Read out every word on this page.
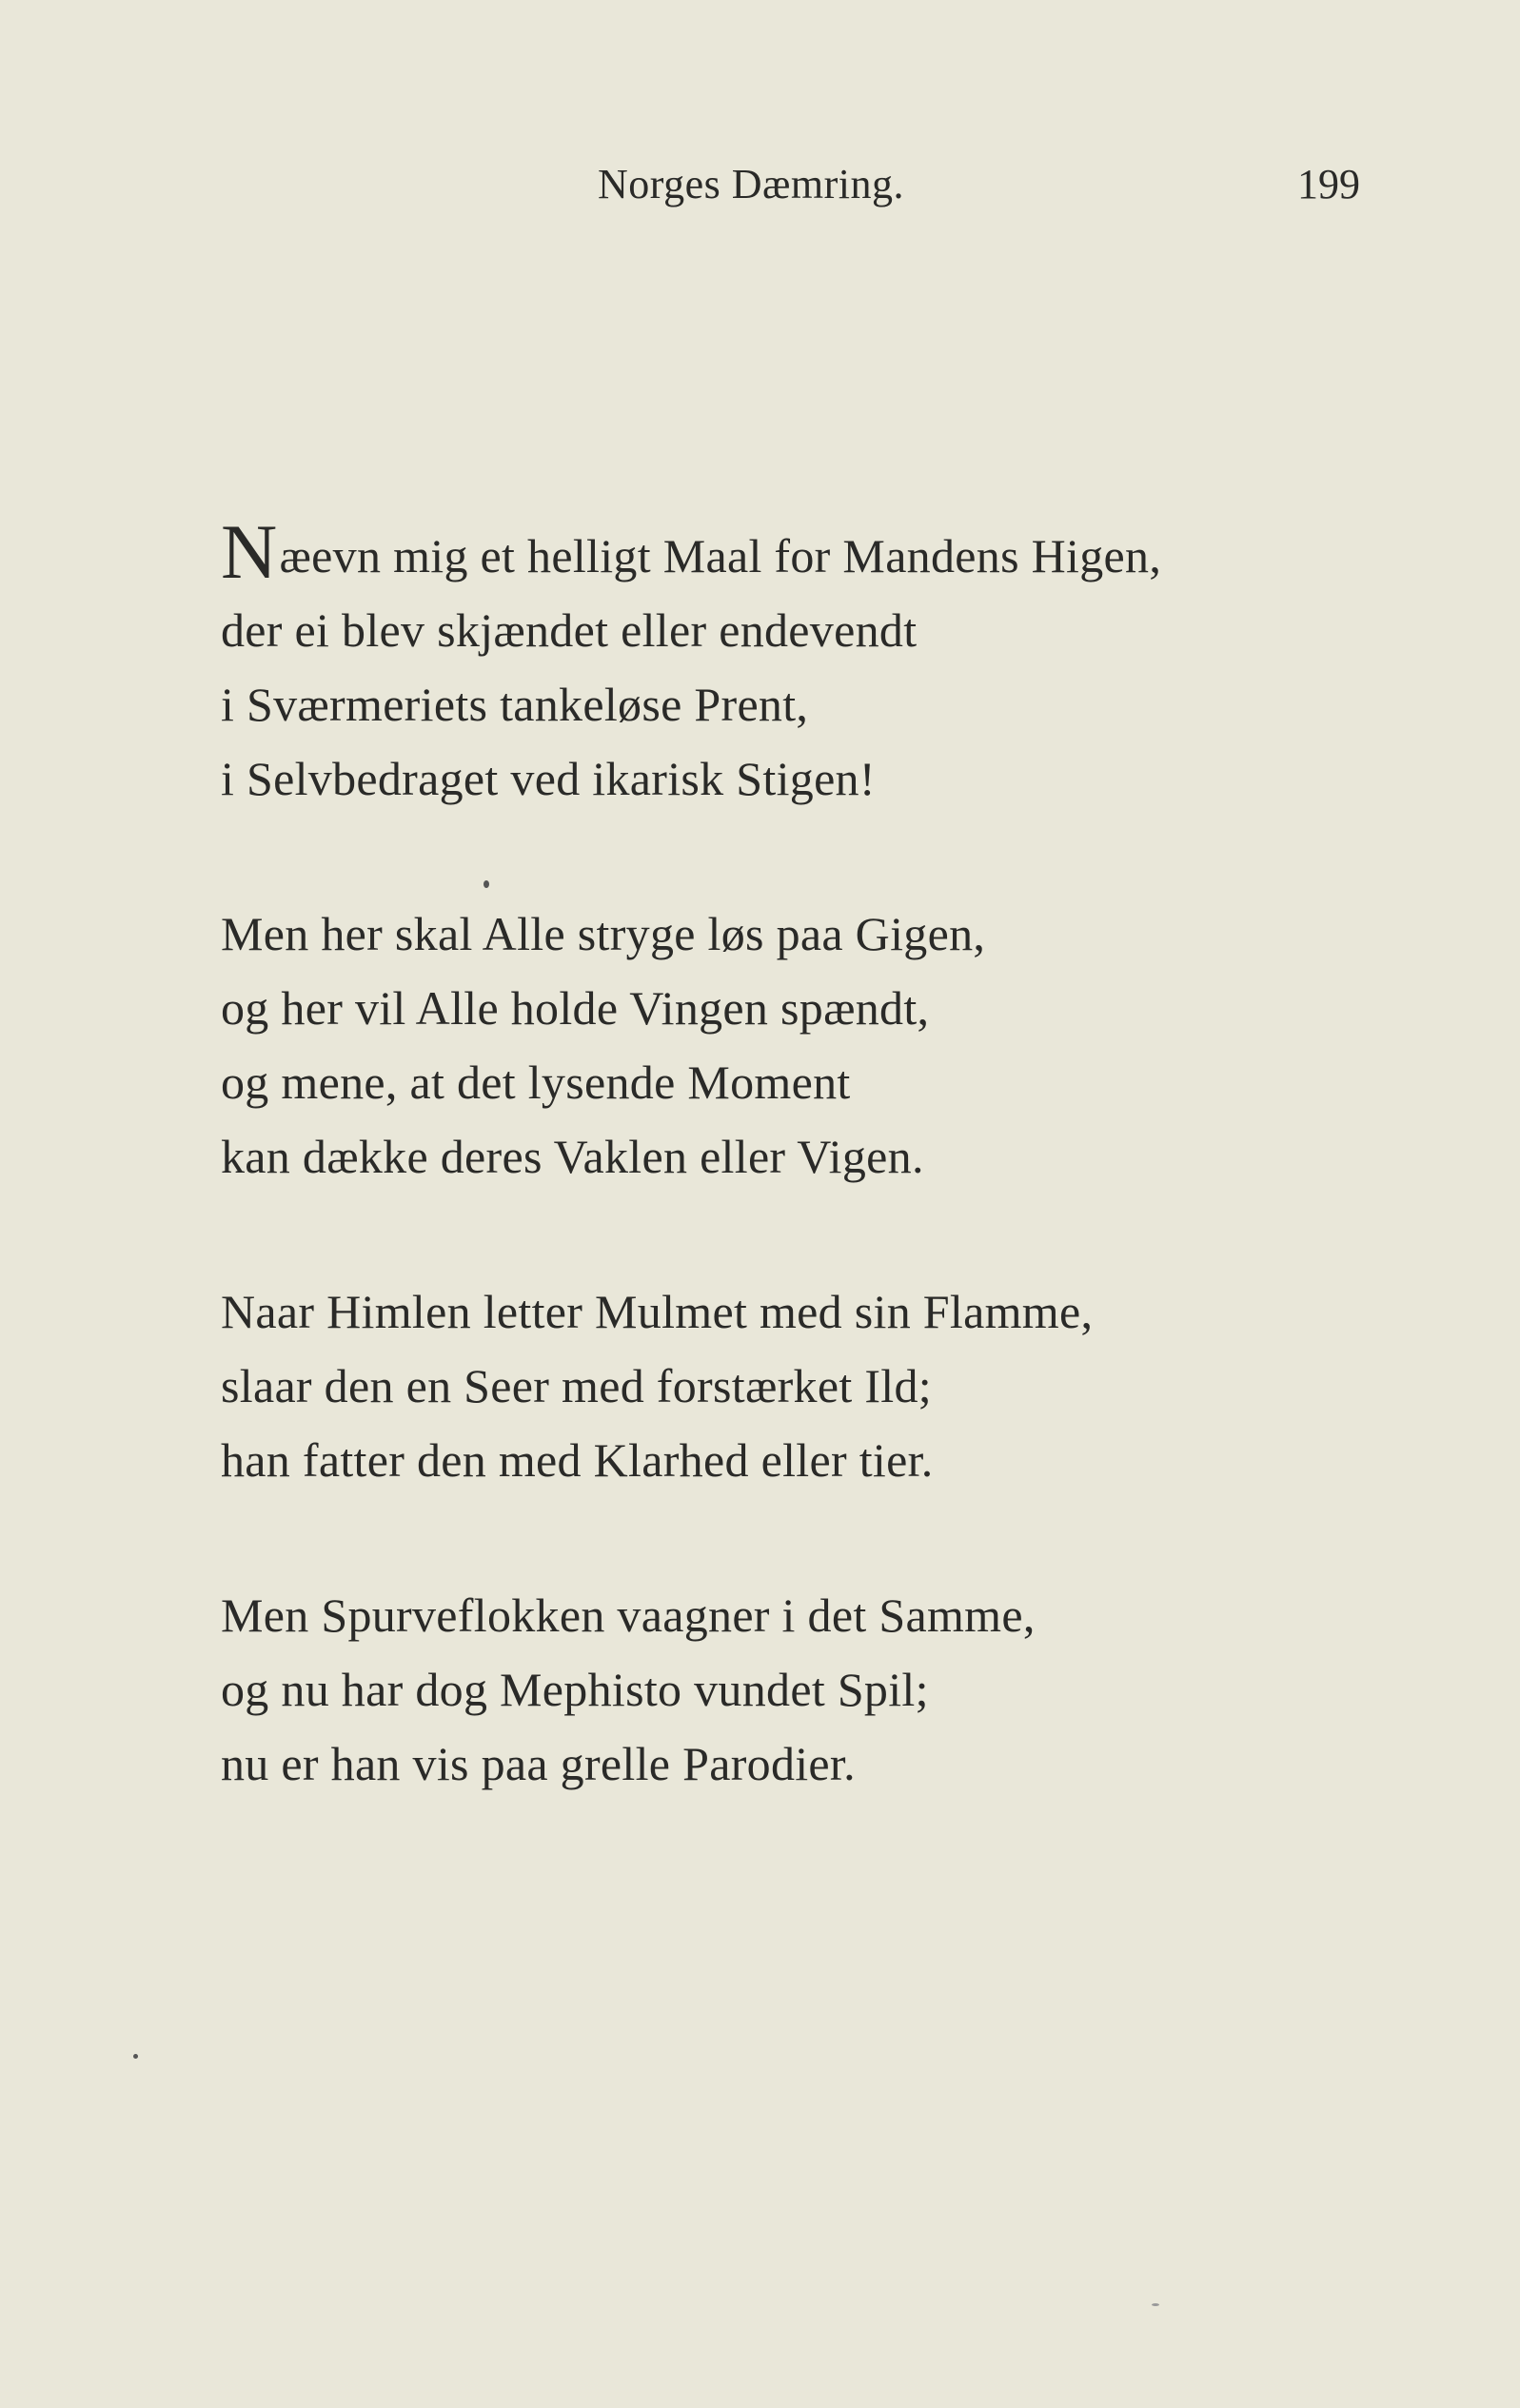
Norges Dæmring.	199
Næevn mig et helligt Maal for Mandens Higen,
der ei blev skjændet eller endevendt
i Sværmeriets tankeløse Prent,
i Selvbedraget ved ikarisk Stigen!
Men her skal Alle stryge løs paa Gigen,
og her vil Alle holde Vingen spændt,
og mene, at det lysende Moment
kan dække deres Vaklen eller Vigen.
Naar Himlen letter Mulmet med sin Flamme,
slaar den en Seer med forstærket Ild;
han fatter den med Klarhed eller tier.
Men Spurveflokken vaagner i det Samme,
og nu har dog Mephisto vundet Spil;
nu er han vis paa grelle Parodier.
